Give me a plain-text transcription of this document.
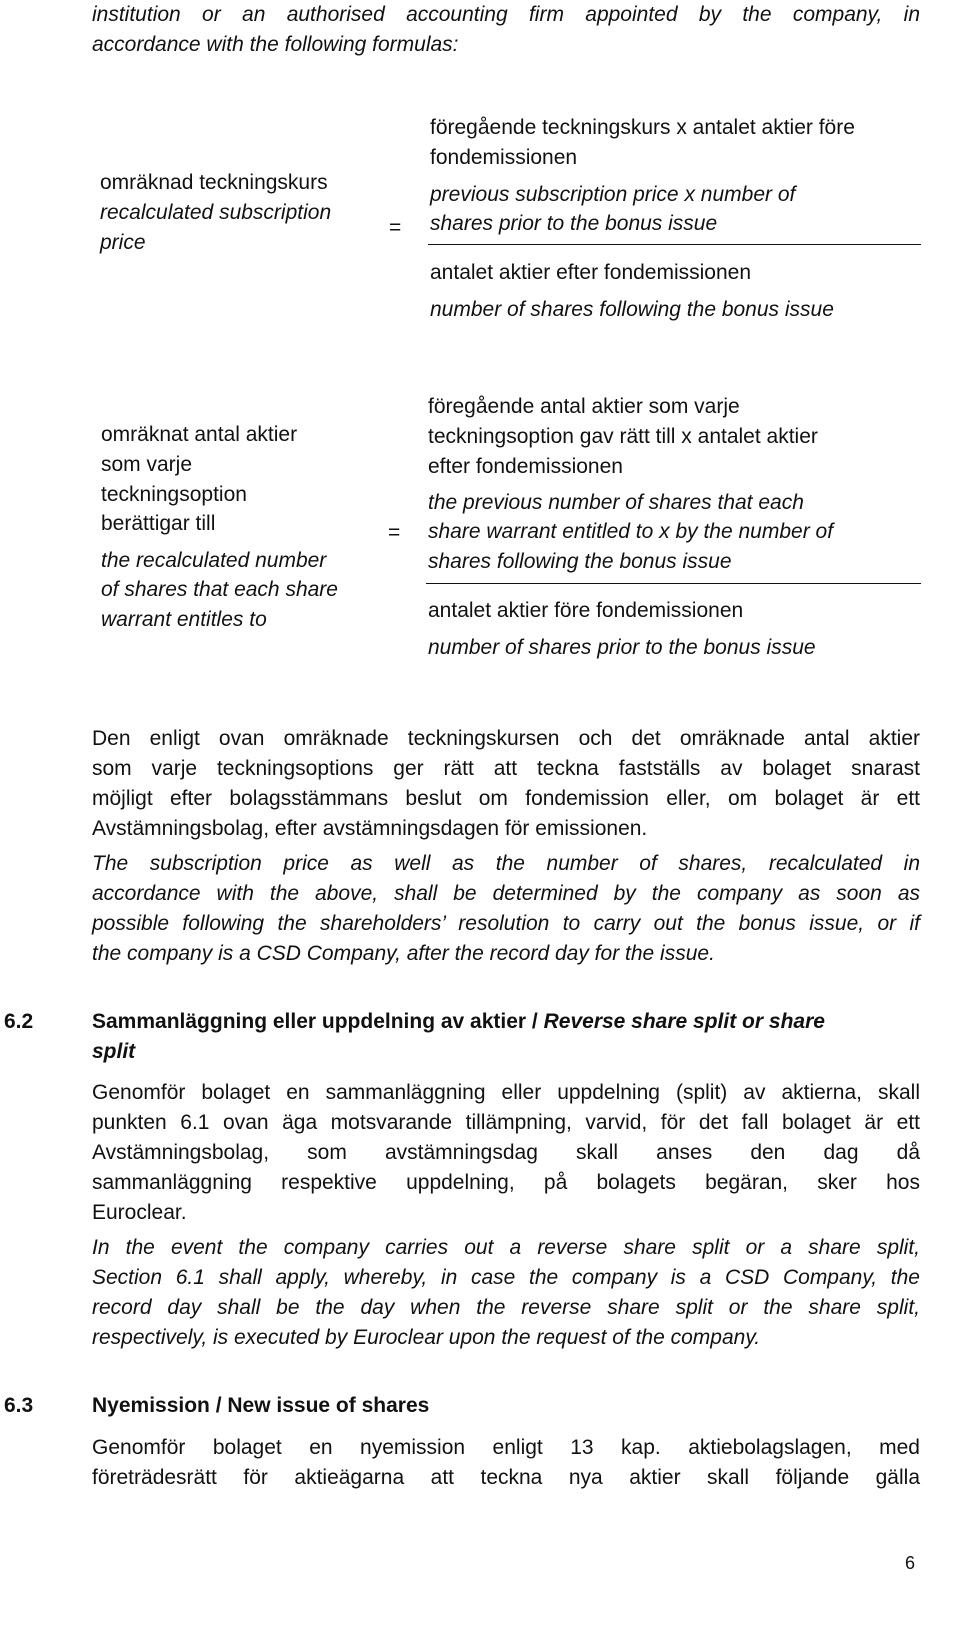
institution or an authorised accounting firm appointed by the company, in
accordance with the following formulas:
omräknad teckningskurs
recalculated subscription
price
=
föregående teckningskurs x antalet aktier före
fondemissionen
previous subscription price x number of
shares prior to the bonus issue
antalet aktier efter fondemissionen
number of shares following the bonus issue
omräknat antal aktier
som varje
teckningsoption
berättigar till
the recalculated number
of shares that each share
warrant entitles to
=
föregående antal aktier som varje
teckningsoption gav rätt till x antalet aktier
efter fondemissionen
the previous number of shares that each
share warrant entitled to x by the number of
shares following the bonus issue
antalet aktier före fondemissionen
number of shares prior to the bonus issue
Den enligt ovan omräknade teckningskursen och det omräknade antal aktier
som varje teckningsoptions ger rätt att teckna fastställs av bolaget snarast
möjligt efter bolagsstämmans beslut om fondemission eller, om bolaget är ett
Avstämningsbolag, efter avstämningsdagen för emissionen.
The subscription price as well as the number of shares, recalculated in
accordance with the above, shall be determined by the company as soon as
possible following the shareholders’ resolution to carry out the bonus issue, or if
the company is a CSD Company, after the record day for the issue.
6.2	Sammanläggning eller uppdelning av aktier / Reverse share split or share
split
Genomför bolaget en sammanläggning eller uppdelning (split) av aktierna, skall
punkten 6.1 ovan äga motsvarande tillämpning, varvid, för det fall bolaget är ett
Avstämningsbolag, som avstämningsdag skall anses den dag då
sammanläggning respektive uppdelning, på bolagets begäran, sker hos
Euroclear.
In the event the company carries out a reverse share split or a share split,
Section 6.1 shall apply, whereby, in case the company is a CSD Company, the
record day shall be the day when the reverse share split or the share split,
respectively, is executed by Euroclear upon the request of the company.
6.3	Nyemission / New issue of shares
Genomför bolaget en nyemission enligt 13 kap. aktiebolagslagen, med
företrädesrätt för aktieägarna att teckna nya aktier skall följande gälla
6
